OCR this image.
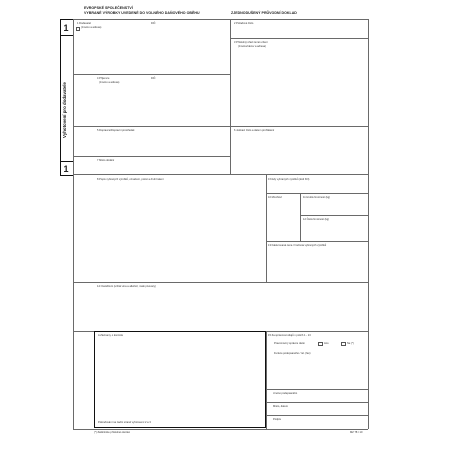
EVROPSKÉ SPOLEČENSTVÍ
VYBRANÉ VÝROBKY UVEDENÉ DO VOLNÉHO DAŇOVÉHO OBĚHU	ZJEDNODUŠENÝ PRŮVODNÍ DOKLAD
1
1
Vyhotovení pro dodavatele
1 Dodavatel	DIČ
(Jméno a adresa)
2 Pořadové číslo
3 Příslušný úřad země určení
(Jméno/název a adresa)
4 Příjemce	DIČ
(Jméno a adresa)
5 Dopravce/Dopravní prostředek	6 Jednací číslo a datum prohlášení
7 Místo dodání
8 Popis vybraných výrobků, označení, počet a druh balení	9 Kódy vybraných výrobků (kód KN)
10 Množství	11 Hrubá hmotnost (kg)
12 Čistá hmotnost (kg)
13 Fakturovaná cena / hodnota vybraných výrobků
14 Osvědčení (určitá vína a alkohol, malé pivovary)
A Záznamy o kontrole
Pokračování na zadní straně vyhotovení 2 a 3
15 Za správnost údajů v polích 1 - 13
Pravomocný správce daně	Ano	Ne (*)
Funkce podepsaného / tel. (fax)
Jméno podepsaného
Místo, datum
Podpis
(*) Zaškrtněte příslušné okénko	MZ 78 / 10
